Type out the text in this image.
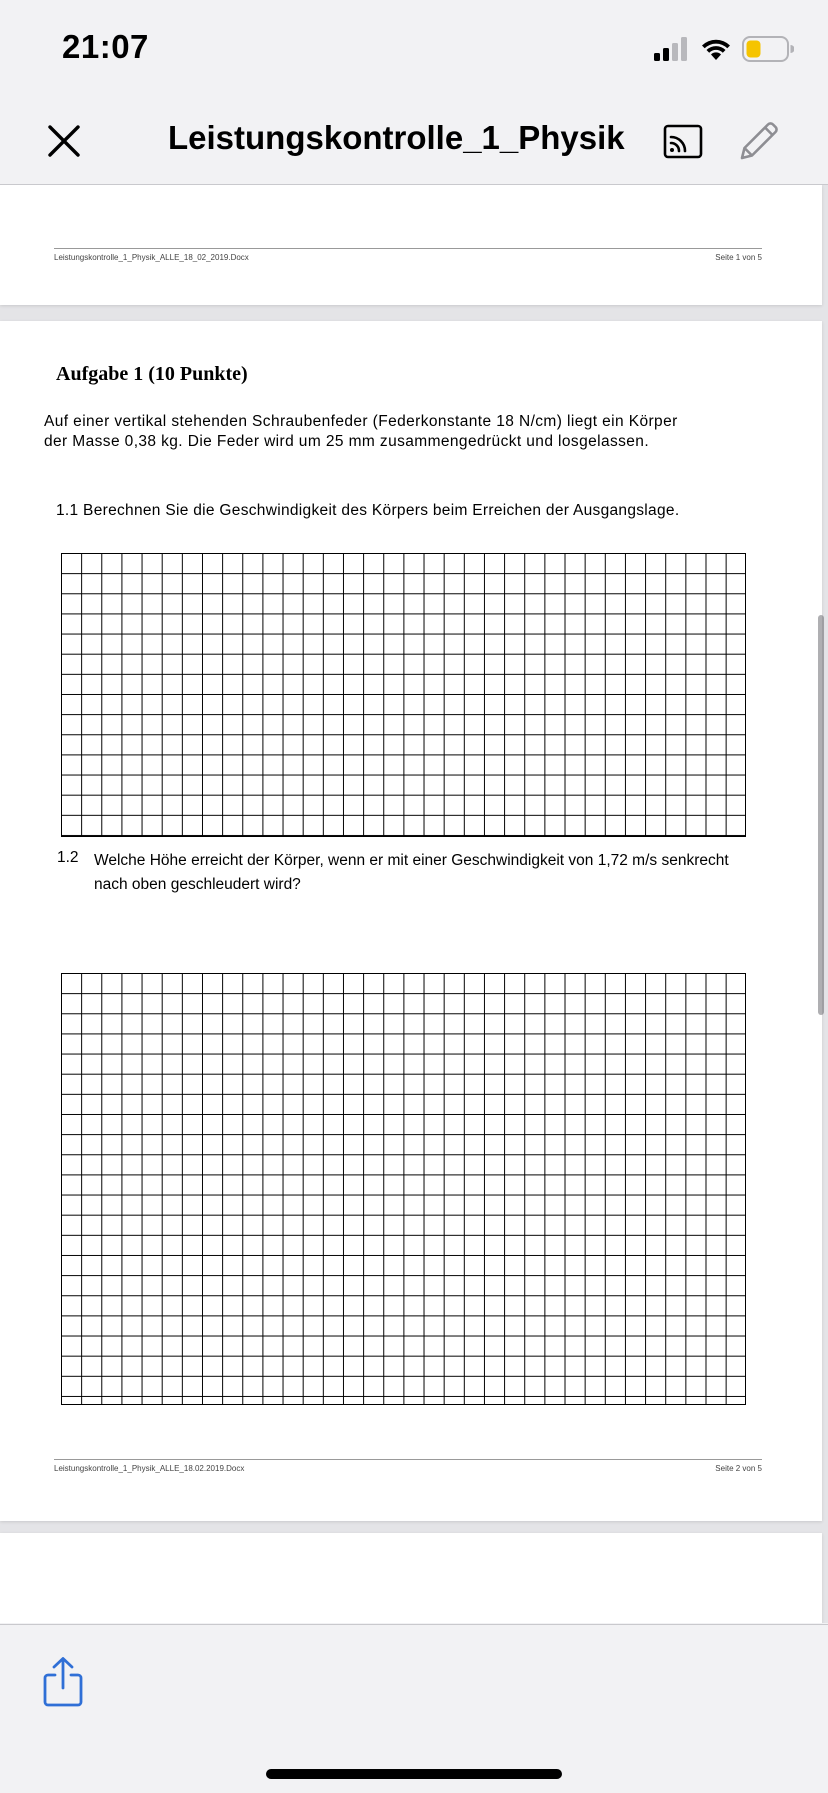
21:07
Leistungskontrolle_1_Physik
Leistungskontrolle_1_Physik_ALLE_18_02_2019.Docx	Seite 1 von 5
Aufgabe 1 (10 Punkte)
Auf einer vertikal stehenden Schraubenfeder (Federkonstante 18 N/cm) liegt ein Körper der Masse 0,38 kg. Die Feder wird um 25 mm zusammengedrückt und losgelassen.
1.1 Berechnen Sie die Geschwindigkeit des Körpers beim Erreichen der Ausgangslage.
1.2 Welche Höhe erreicht der Körper, wenn er mit einer Geschwindigkeit von 1,72 m/s senkrecht nach oben geschleudert wird?
Leistungskontrolle_1_Physik_ALLE_18.02.2019.Docx	Seite 2 von 5
